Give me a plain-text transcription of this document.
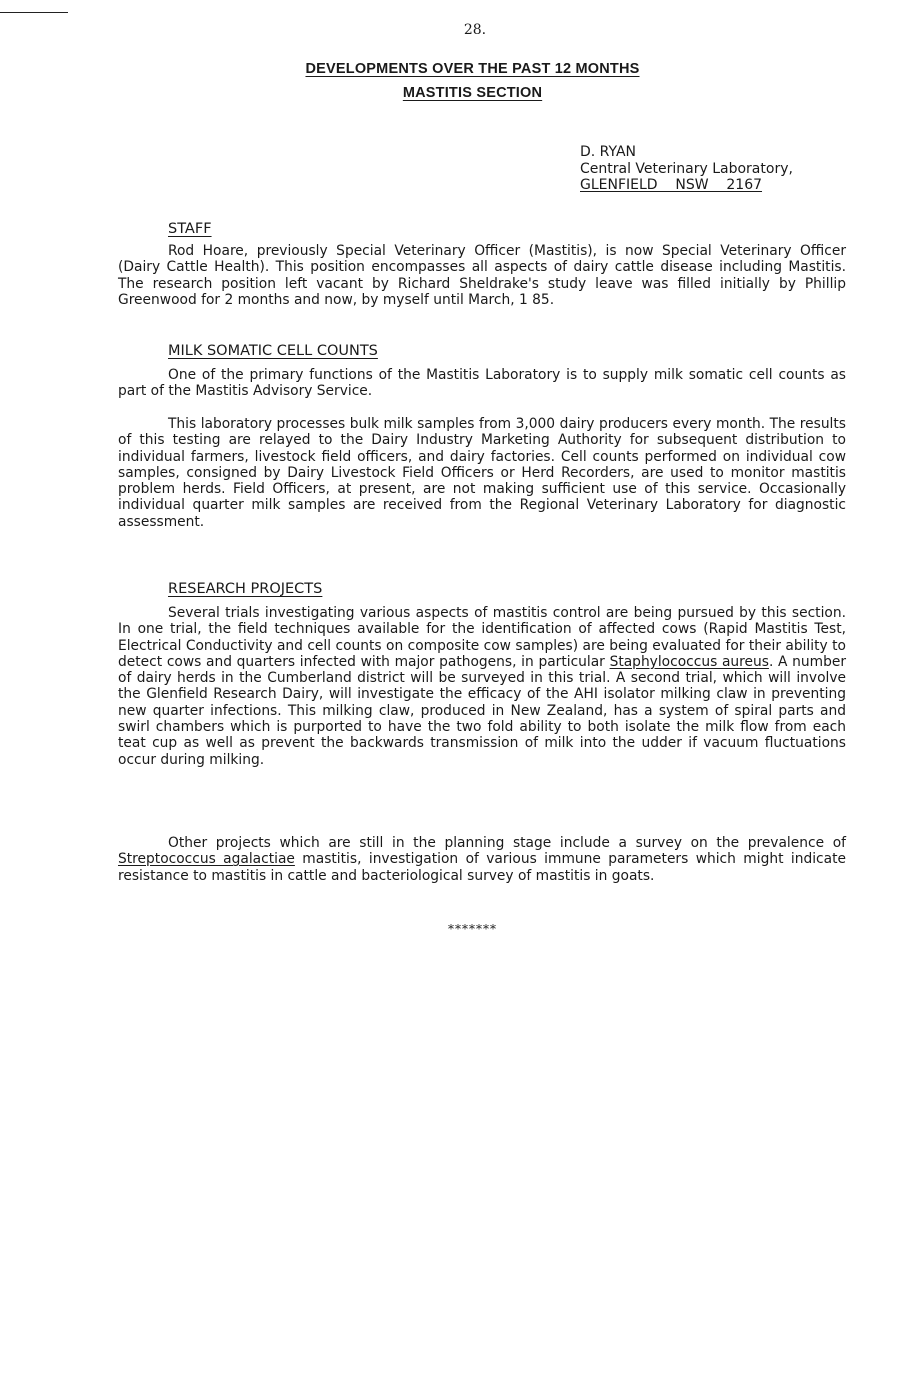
28.
DEVELOPMENTS OVER THE PAST 12 MONTHS
MASTITIS SECTION
D. RYAN
Central Veterinary Laboratory,
GLENFIELD    NSW    2167
STAFF

Rod Hoare, previously Special Veterinary Officer (Mastitis), is now Special Veterinary Officer (Dairy Cattle Health). This position encompasses all aspects of dairy cattle disease including Mastitis. The research position left vacant by Richard Sheldrake's study leave was filled initially by Phillip Greenwood for 2 months and now, by myself until March, 1 85.

MILK SOMATIC CELL COUNTS

One of the primary functions of the Mastitis Laboratory is to supply milk somatic cell counts as part of the Mastitis Advisory Service.

This laboratory processes bulk milk samples from 3,000 dairy producers every month. The results of this testing are relayed to the Dairy Industry Marketing Authority for subsequent distribution to individual farmers, livestock field officers, and dairy factories. Cell counts performed on individual cow samples, consigned by Dairy Livestock Field Officers or Herd Recorders, are used to monitor mastitis problem herds. Field Officers, at present, are not making sufficient use of this service. Occasionally individual quarter milk samples are received from the Regional Veterinary Laboratory for diagnostic assessment.

RESEARCH PROJECTS

Several trials investigating various aspects of mastitis control are being pursued by this section. In one trial, the field techniques available for the identification of affected cows (Rapid Mastitis Test, Electrical Conductivity and cell counts on composite cow samples) are being evaluated for their ability to detect cows and quarters infected with major pathogens, in particular Staphylococcus aureus. A number of dairy herds in the Cumberland district will be surveyed in this trial. A second trial, which will involve the Glenfield Research Dairy, will investigate the efficacy of the AHI isolator milking claw in preventing new quarter infections. This milking claw, produced in New Zealand, has a system of spiral parts and swirl chambers which is purported to have the two fold ability to both isolate the milk flow from each teat cup as well as prevent the backwards transmission of milk into the udder if vacuum fluctuations occur during milking.

Other projects which are still in the planning stage include a survey on the prevalence of Streptococcus agalactiae mastitis, investigation of various immune parameters which might indicate resistance to mastitis in cattle and bacteriological survey of mastitis in goats.

*******
